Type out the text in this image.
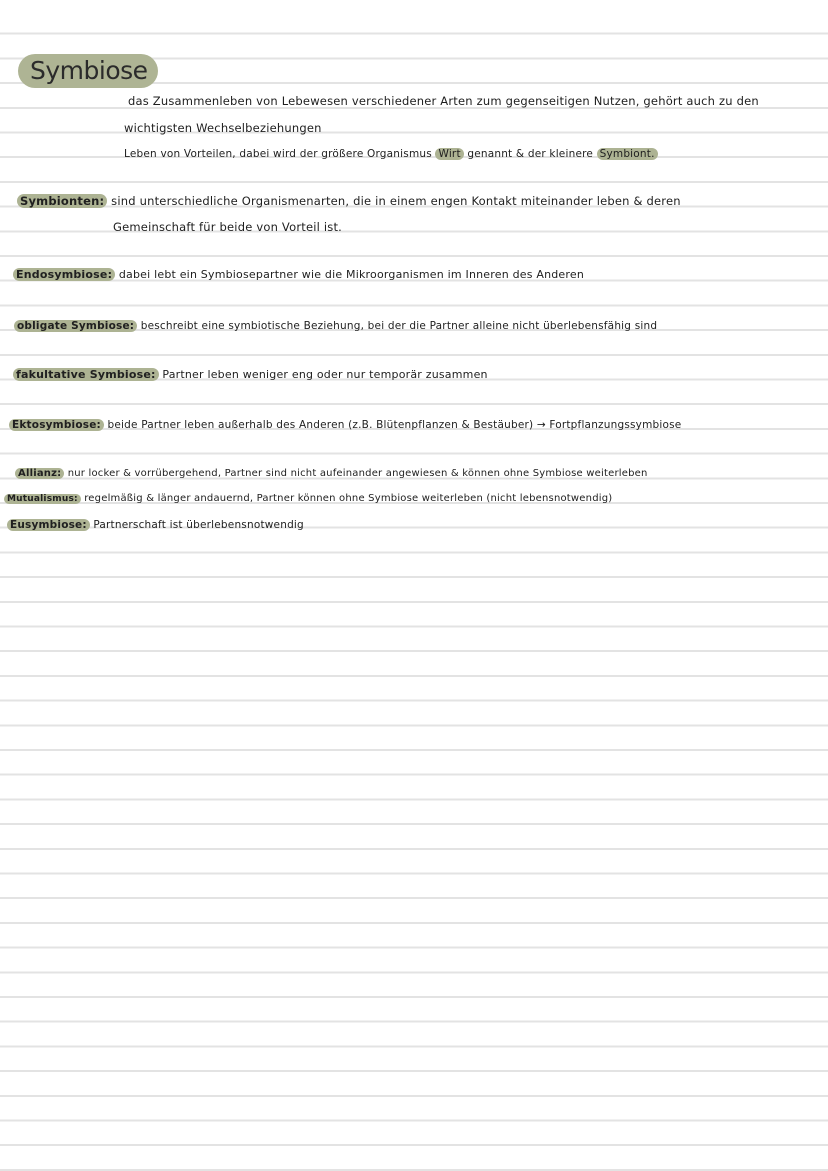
Symbiose
das Zusammenleben von Lebewesen verschiedener Arten zum gegenseitigen Nutzen, gehört auch zu den
wichtigsten Wechselbeziehungen
Leben von Vorteilen, dabei wird der größere Organismus Wirt genannt & der kleinere Symbiont.
Symbionten: sind unterschiedliche Organismenarten, die in einem engen Kontakt miteinander leben & deren
Gemeinschaft für beide von Vorteil ist.
Endosymbiose: dabei lebt ein Symbiosepartner wie die Mikroorganismen im Inneren des Anderen
obligate Symbiose: beschreibt eine symbiotische Beziehung, bei der die Partner alleine nicht überlebensfähig sind
fakultative Symbiose: Partner leben weniger eng oder nur temporär zusammen
Ektosymbiose: beide Partner leben außerhalb des Anderen (z.B. Blütenpflanzen & Bestäuber) → Fortpflanzungssymbiose
Allianz: nur locker & vorrübergehend, Partner sind nicht aufeinander angewiesen & können ohne Symbiose weiterleben
Mutualismus: regelmäßig & länger andauernd, Partner können ohne Symbiose weiterleben (nicht lebensnotwendig)
Eusymbiose: Partnerschaft ist überlebensnotwendig
